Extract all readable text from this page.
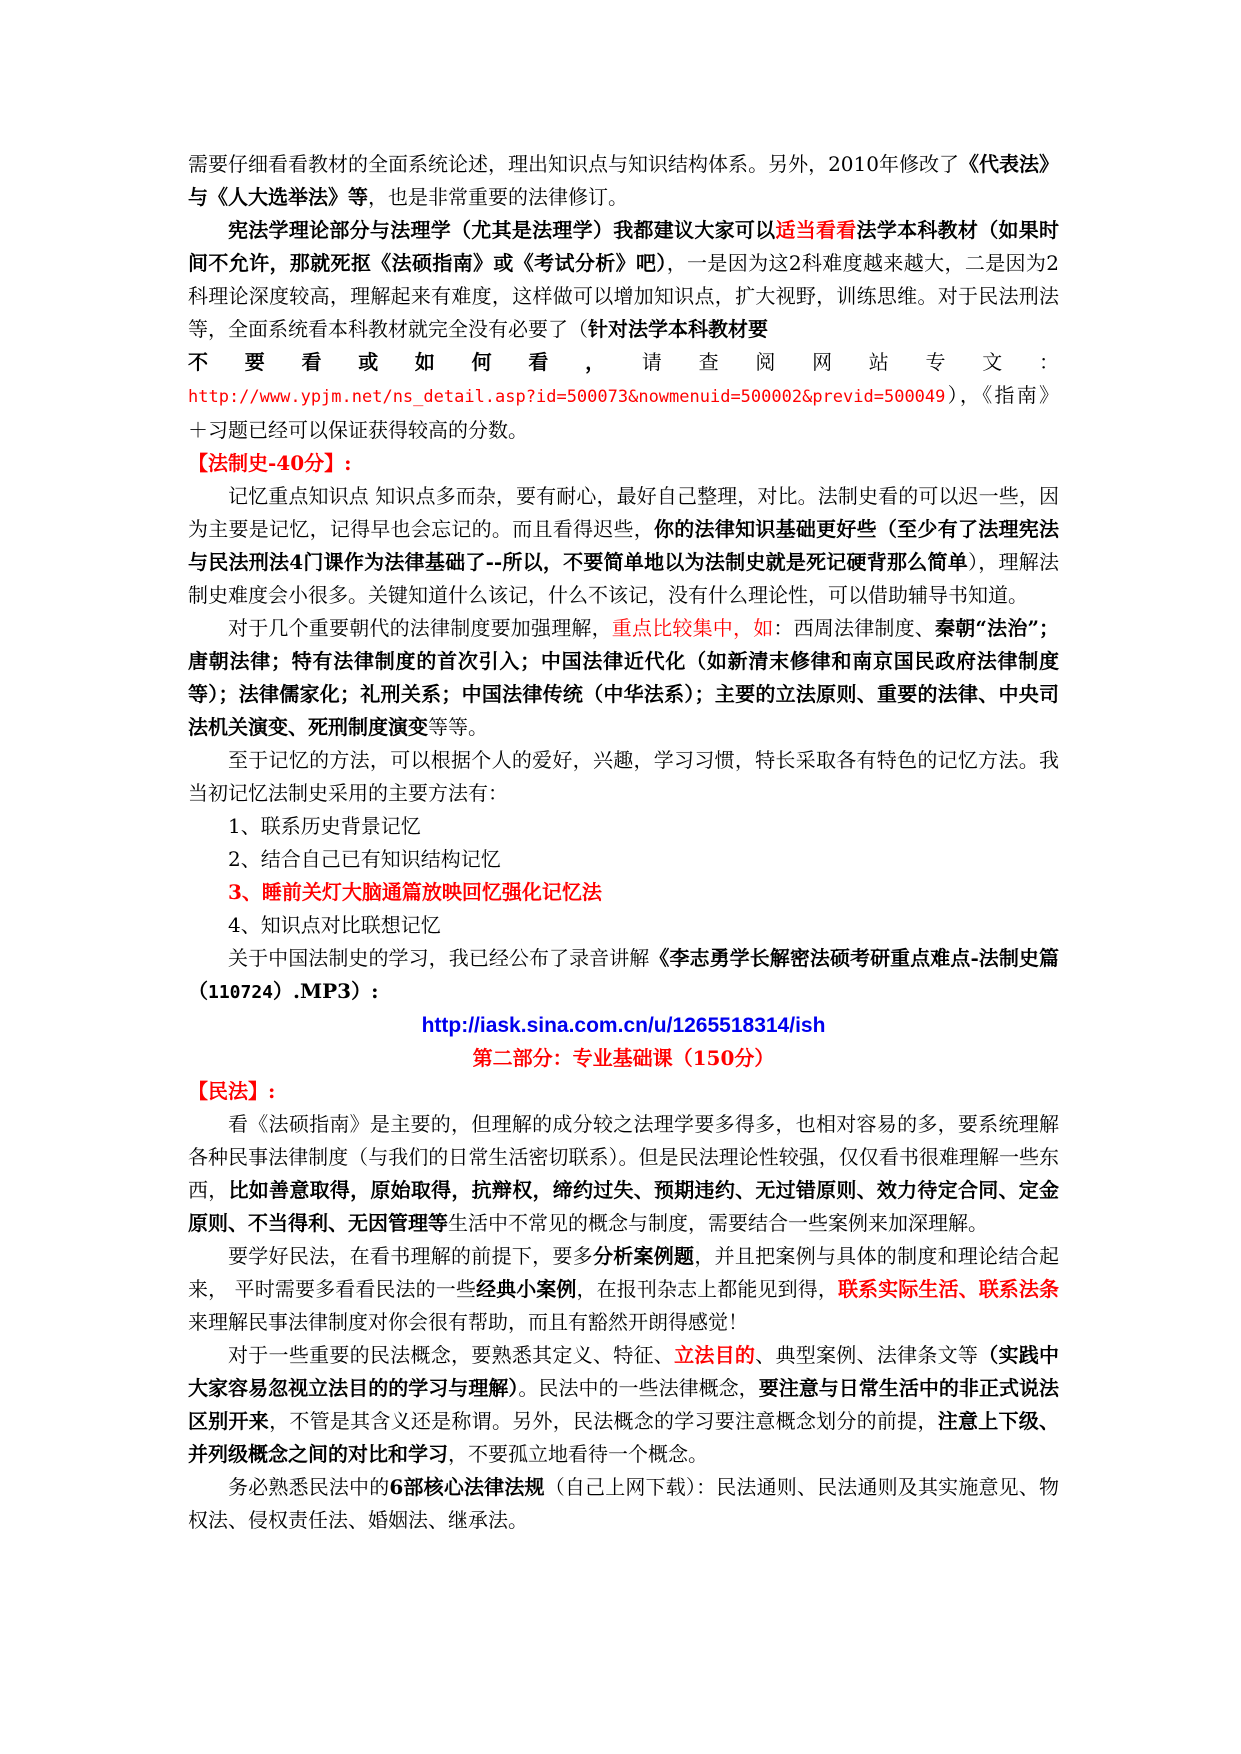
需要仔细看看教材的全面系统论述，理出知识点与知识结构体系。另外，2010年修改了《代表法》与《人大选举法》等，也是非常重要的法律修订。

宪法学理论部分与法理学（尤其是法理学）我都建议大家可以适当看看法学本科教材（如果时间不允许，那就死抠《法硕指南》或《考试分析》吧），一是因为这2科难度越来越大，二是因为2科理论深度较高，理解起来有难度，这样做可以增加知识点，扩大视野，训练思维。对于民法刑法等，全面系统看本科教材就完全没有必要了（针对法学本科教材要

不要看或如何看，请查阅网站专文：

http://www.ypjm.net/ns_detail.asp?id=500073&nowmenuid=500002&previd=500049），《指南》＋习题已经可以保证获得较高的分数。

【法制史-40分】:

记忆重点知识点 知识点多而杂，要有耐心，最好自己整理，对比。法制史看的可以迟一些，因为主要是记忆，记得早也会忘记的。而且看得迟些，你的法律知识基础更好些（至少有了法理宪法与民法刑法4门课作为法律基础了--所以，不要简单地以为法制史就是死记硬背那么简单），理解法制史难度会小很多。关键知道什么该记，什么不该记，没有什么理论性，可以借助辅导书知道。

对于几个重要朝代的法律制度要加强理解，重点比较集中，如：西周法律制度、秦朝“法治”；唐朝法律；特有法律制度的首次引入；中国法律近代化（如新清末修律和南京国民政府法律制度等）；法律儒家化；礼刑关系；中国法律传统（中华法系）；主要的立法原则、重要的法律、中央司法机关演变、死刑制度演变等等。

至于记忆的方法，可以根据个人的爱好，兴趣，学习习惯，特长采取各有特色的记忆方法。我当初记忆法制史采用的主要方法有：

1、联系历史背景记忆

2、结合自己已有知识结构记忆

3、睡前关灯大脑通篇放映回忆强化记忆法

4、知识点对比联想记忆

关于中国法制史的学习，我已经公布了录音讲解《李志勇学长解密法硕考研重点难点-法制史篇（110724）.MP3）:

http://iask.sina.com.cn/u/1265518314/ish

第二部分：专业基础课（150分）

【民法】:

看《法硕指南》是主要的，但理解的成分较之法理学要多得多，也相对容易的多，要系统理解各种民事法律制度（与我们的日常生活密切联系）。但是民法理论性较强，仅仅看书很难理解一些东西，比如善意取得，原始取得，抗辩权，缔约过失、预期违约、无过错原则、效力待定合同、定金原则、不当得利、无因管理等生活中不常见的概念与制度，需要结合一些案例来加深理解。

要学好民法，在看书理解的前提下，要多分析案例题，并且把案例与具体的制度和理论结合起来， 平时需要多看看民法的一些经典小案例，在报刊杂志上都能见到得，联系实际生活、联系法条来理解民事法律制度对你会很有帮助，而且有豁然开朗得感觉！

对于一些重要的民法概念，要熟悉其定义、特征、立法目的、典型案例、法律条文等（实践中大家容易忽视立法目的的学习与理解）。民法中的一些法律概念，要注意与日常生活中的非正式说法区别开来，不管是其含义还是称谓。另外，民法概念的学习要注意概念划分的前提，注意上下级、并列级概念之间的对比和学习，不要孤立地看待一个概念。

务必熟悉民法中的6部核心法律法规（自己上网下载）：民法通则、民法通则及其实施意见、物权法、侵权责任法、婚姻法、继承法。
